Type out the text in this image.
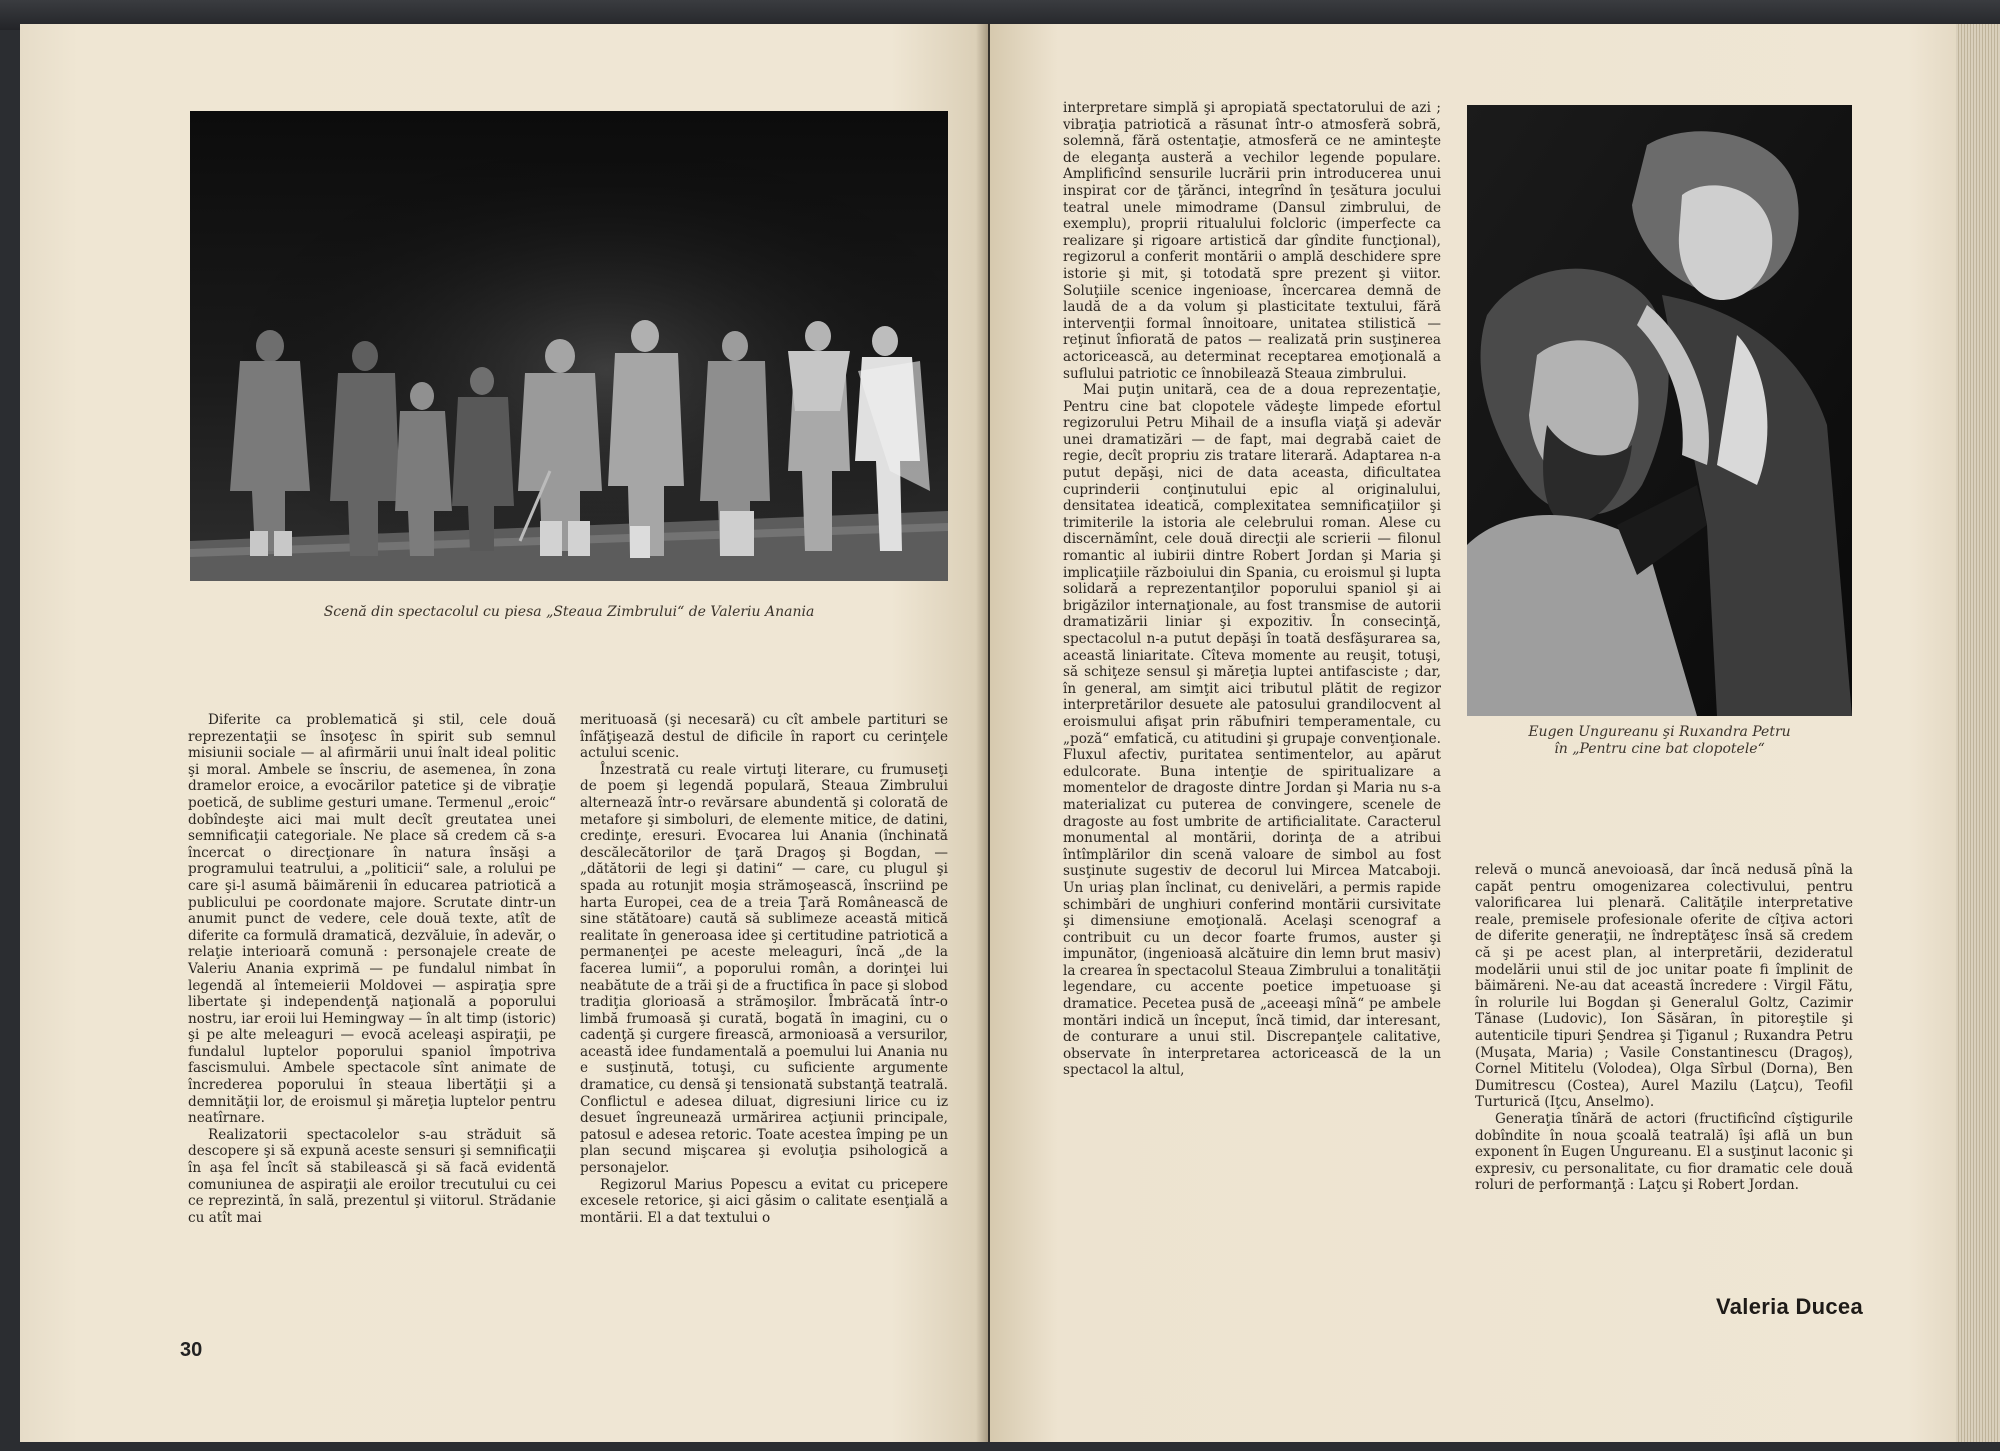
Scenă din spectacolul cu piesa „Steaua Zimbrului“ de Valeriu Anania

Diferite ca problematică şi stil, cele două reprezentaţii se însoţesc în spirit sub semnul misiunii sociale — al afirmării unui înalt ideal politic şi moral. Ambele se înscriu, de asemenea, în zona dramelor eroice, a evocărilor patetice şi de vibraţie poetică, de sublime gesturi umane. Termenul „eroic“ dobîndeşte aici mai mult decît greutatea unei semnificaţii categoriale. Ne place să credem că s-a încercat o direcţionare în natura însăşi a programului teatrului, a „politicii“ sale, a rolului pe care şi-l asumă băimărenii în educarea patriotică a publicului pe coordonate majore. Scrutate dintr-un anumit punct de vedere, cele două texte, atît de diferite ca formulă dramatică, dezvăluie, în adevăr, o relaţie interioară comună : personajele create de Valeriu Anania exprimă — pe fundalul nimbat în legendă al întemeierii Moldovei — aspiraţia spre libertate şi independenţă naţională a poporului nostru, iar eroii lui Hemingway — în alt timp (istoric) şi pe alte meleaguri — evocă aceleaşi aspiraţii, pe fundalul luptelor poporului spaniol împotriva fascismului. Ambele spectacole sînt animate de încrederea poporului în steaua libertăţii şi a demnităţii lor, de eroismul şi măreţia luptelor pentru neatîrnare.

Realizatorii spectacolelor s-au străduit să descopere şi să expună aceste sensuri şi semnificaţii în aşa fel încît să stabilească şi să facă evidentă comuniunea de aspiraţii ale eroilor trecutului cu cei ce reprezintă, în sală, prezentul şi viitorul. Strădanie cu atît mai

merituoasă (şi necesară) cu cît ambele partituri se înfăţişează destul de dificile în raport cu cerinţele actului scenic.

Înzestrată cu reale virtuţi literare, cu frumuseţi de poem şi legendă populară, Steaua Zimbrului alternează într-o revărsare abundentă şi colorată de metafore şi simboluri, de elemente mitice, de datini, credinţe, eresuri. Evocarea lui Anania (închinată descălecătorilor de ţară Dragoş şi Bogdan, — „dătătorii de legi şi datini“ — care, cu plugul şi spada au rotunjit moşia strămoşească, înscriind pe harta Europei, cea de a treia Ţară Românească de sine stătătoare) caută să sublimeze această mitică realitate în generoasa idee şi certitudine patriotică a permanenţei pe aceste meleaguri, încă „de la facerea lumii“, a poporului român, a dorinţei lui neabătute de a trăi şi de a fructifica în pace şi slobod tradiţia glorioasă a strămoşilor. Îmbrăcată într-o limbă frumoasă şi curată, bogată în imagini, cu o cadenţă şi curgere firească, armonioasă a versurilor, această idee fundamentală a poemului lui Anania nu e susţinută, totuşi, cu suficiente argumente dramatice, cu densă şi tensionată substanţă teatrală. Conflictul e adesea diluat, digresiuni lirice cu iz desuet îngreunează urmărirea acţiunii principale, patosul e adesea retoric. Toate acestea împing pe un plan secund mişcarea şi evoluţia psihologică a personajelor.

Regizorul Marius Popescu a evitat cu pricepere excesele retorice, şi aici găsim o calitate esenţială a montării. El a dat textului o

30

interpretare simplă şi apropiată spectatorului de azi ; vibraţia patriotică a răsunat într-o atmosferă sobră, solemnă, fără ostentaţie, atmosferă ce ne aminteşte de eleganţa austeră a vechilor legende populare. Amplificînd sensurile lucrării prin introducerea unui inspirat cor de ţărănci, integrînd în ţesătura jocului teatral unele mimodrame (Dansul zimbrului, de exemplu), proprii ritualului folcloric (imperfecte ca realizare şi rigoare artistică dar gîndite funcţional), regizorul a conferit montării o amplă deschidere spre istorie şi mit, şi totodată spre prezent şi viitor. Soluţiile scenice ingenioase, încercarea demnă de laudă de a da volum şi plasticitate textului, fără intervenţii formal înnoitoare, unitatea stilistică — reţinut înfiorată de patos — realizată prin susţinerea actoricească, au determinat receptarea emoţională a suflului patriotic ce înnobilează Steaua zimbrului.

Mai puţin unitară, cea de a doua reprezentaţie, Pentru cine bat clopotele vădeşte limpede efortul regizorului Petru Mihail de a insufla viaţă şi adevăr unei dramatizări — de fapt, mai degrabă caiet de regie, decît propriu zis tratare literară. Adaptarea n-a putut depăşi, nici de data aceasta, dificultatea cuprinderii conţinutului epic al originalului, densitatea ideatică, complexitatea semnificaţiilor şi trimiterile la istoria ale celebrului roman. Alese cu discernămînt, cele două direcţii ale scrierii — filonul romantic al iubirii dintre Robert Jordan şi Maria şi implicaţiile războiului din Spania, cu eroismul şi lupta solidară a reprezentanţilor poporului spaniol şi ai brigăzilor internaţionale, au fost transmise de autorii dramatizării liniar şi expozitiv. În consecinţă, spectacolul n-a putut depăşi în toată desfăşurarea sa, această liniaritate. Cîteva momente au reuşit, totuşi, să schiţeze sensul şi măreţia luptei antifasciste ; dar, în general, am simţit aici tributul plătit de regizor interpretărilor desuete ale patosului grandilocvent al eroismului afişat prin răbufniri temperamentale, cu „poză“ emfatică, cu atitudini şi grupaje convenţionale. Fluxul afectiv, puritatea sentimentelor, au apărut edulcorate. Buna intenţie de spiritualizare a momentelor de dragoste dintre Jordan şi Maria nu s-a materializat cu puterea de convingere, scenele de dragoste au fost umbrite de artificialitate. Caracterul monumental al montării, dorinţa de a atribui întîmplărilor din scenă valoare de simbol au fost susţinute sugestiv de decorul lui Mircea Matcaboji. Un uriaş plan înclinat, cu denivelări, a permis rapide schimbări de unghiuri conferind montării cursivitate şi dimensiune emoţională. Acelaşi scenograf a contribuit cu un decor foarte frumos, auster şi impunător, (ingenioasă alcătuire din lemn brut masiv) la crearea în spectacolul Steaua Zimbrului a tonalităţii legendare, cu accente poetice impetuoase şi dramatice. Pecetea pusă de „aceeaşi mînă“ pe ambele montări indică un început, încă timid, dar interesant, de conturare a unui stil. Discrepanţele calitative, observate în interpretarea actoricească de la un spectacol la altul,

Eugen Ungureanu şi Ruxandra Petru
în „Pentru cine bat clopotele“

relevă o muncă anevoioasă, dar încă nedusă pînă la capăt pentru omogenizarea colectivului, pentru valorificarea lui plenară. Calităţile interpretative reale, premisele profesionale oferite de cîţiva actori de diferite generaţii, ne îndreptăţesc însă să credem că şi pe acest plan, al interpretării, dezideratul modelării unui stil de joc unitar poate fi împlinit de băimăreni. Ne-au dat această încredere : Virgil Fătu, în rolurile lui Bogdan şi Generalul Goltz, Cazimir Tănase (Ludovic), Ion Săsăran, în pitoreştile şi autenticile tipuri Şendrea şi Ţiganul ; Ruxandra Petru (Muşata, Maria) ; Vasile Constantinescu (Dragoş), Cornel Mititelu (Volodea), Olga Sîrbul (Dorna), Ben Dumitrescu (Costea), Aurel Mazilu (Laţcu), Teofil Turturică (Iţcu, Anselmo).

Generaţia tînără de actori (fructificînd cîştigurile dobîndite în noua şcoală teatrală) îşi află un bun exponent în Eugen Ungureanu. El a susţinut laconic şi expresiv, cu personalitate, cu fior dramatic cele două roluri de performanţă : Laţcu şi Robert Jordan.

Valeria Ducea
